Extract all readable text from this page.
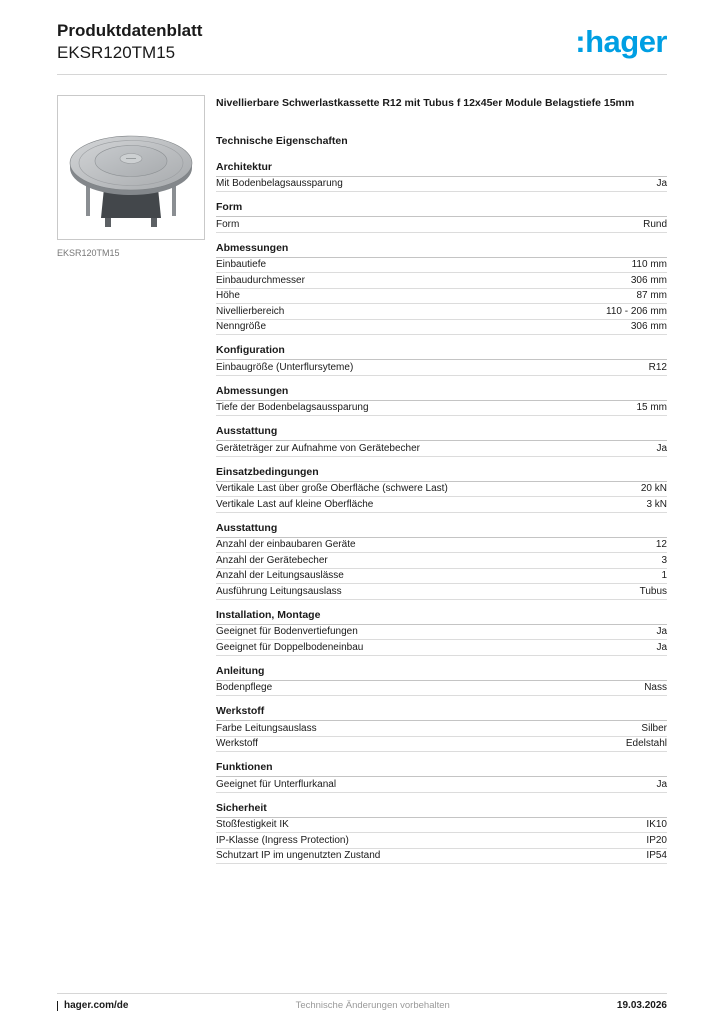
Produktdatenblatt
EKSR120TM15	:hager
EKSR120TM15
Nivellierbare Schwerlastkassette R12 mit Tubus f 12x45er Module Belagstiefe 15mm
Technische Eigenschaften
Architektur
Mit Bodenbelagsaussparung	Ja
Form
Form	Rund
Abmessungen
Einbautiefe	110 mm
Einbaudurchmesser	306 mm
Höhe	87 mm
Nivellierbereich	110 - 206 mm
Nenngröße	306 mm
Konfiguration
Einbaugröße (Unterflursyteme)	R12
Abmessungen
Tiefe der Bodenbelagsaussparung	15 mm
Ausstattung
Geräteträger zur Aufnahme von Gerätebecher	Ja
Einsatzbedingungen
Vertikale Last über große Oberfläche (schwere Last)	20 kN
Vertikale Last auf kleine Oberfläche	3 kN
Ausstattung
Anzahl der einbaubaren Geräte	12
Anzahl der Gerätebecher	3
Anzahl der Leitungsauslässe	1
Ausführung Leitungsauslass	Tubus
Installation, Montage
Geeignet für Bodenvertiefungen	Ja
Geeignet für Doppelbodeneinbau	Ja
Anleitung
Bodenpflege	Nass
Werkstoff
Farbe Leitungsauslass	Silber
Werkstoff	Edelstahl
Funktionen
Geeignet für Unterflurkanal	Ja
Sicherheit
Stoßfestigkeit IK	IK10
IP-Klasse (Ingress Protection)	IP20
Schutzart IP im ungenutzten Zustand	IP54
hager.com/de	Technische Änderungen vorbehalten	19.03.2026
